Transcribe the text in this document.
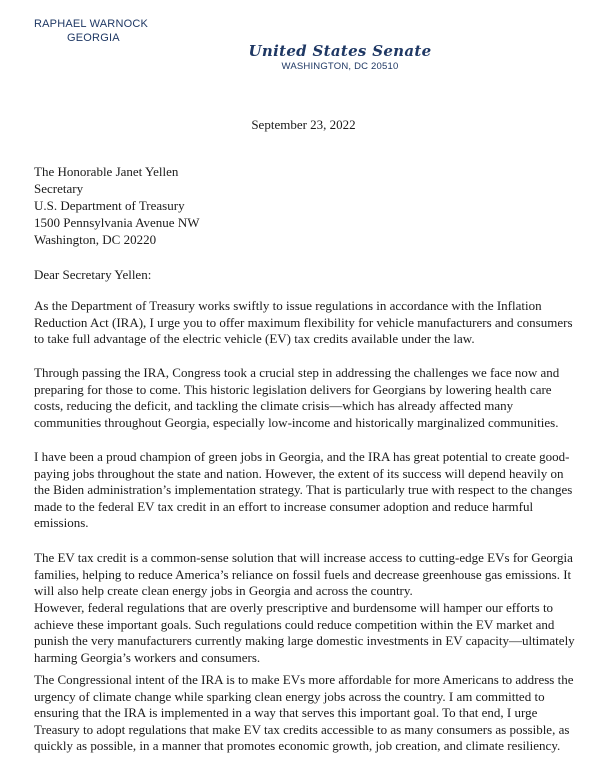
RAPHAEL WARNOCK
GEORGIA
United States Senate
WASHINGTON, DC 20510
September 23, 2022
The Honorable Janet Yellen
Secretary
U.S. Department of Treasury
1500 Pennsylvania Avenue NW
Washington, DC 20220
Dear Secretary Yellen:
As the Department of Treasury works swiftly to issue regulations in accordance with the Inflation Reduction Act (IRA), I urge you to offer maximum flexibility for vehicle manufacturers and consumers to take full advantage of the electric vehicle (EV) tax credits available under the law.
Through passing the IRA, Congress took a crucial step in addressing the challenges we face now and preparing for those to come. This historic legislation delivers for Georgians by lowering health care costs, reducing the deficit, and tackling the climate crisis—which has already affected many communities throughout Georgia, especially low-income and historically marginalized communities.
I have been a proud champion of green jobs in Georgia, and the IRA has great potential to create good-paying jobs throughout the state and nation. However, the extent of its success will depend heavily on the Biden administration’s implementation strategy. That is particularly true with respect to the changes made to the federal EV tax credit in an effort to increase consumer adoption and reduce harmful emissions.
The EV tax credit is a common-sense solution that will increase access to cutting-edge EVs for Georgia families, helping to reduce America’s reliance on fossil fuels and decrease greenhouse gas emissions. It will also help create clean energy jobs in Georgia and across the country.
However, federal regulations that are overly prescriptive and burdensome will hamper our efforts to achieve these important goals. Such regulations could reduce competition within the EV market and punish the very manufacturers currently making large domestic investments in EV capacity—ultimately harming Georgia’s workers and consumers.
The Congressional intent of the IRA is to make EVs more affordable for more Americans to address the urgency of climate change while sparking clean energy jobs across the country. I am committed to ensuring that the IRA is implemented in a way that serves this important goal. To that end, I urge Treasury to adopt regulations that make EV tax credits accessible to as many consumers as possible, as quickly as possible, in a manner that promotes economic growth, job creation, and climate resiliency.
